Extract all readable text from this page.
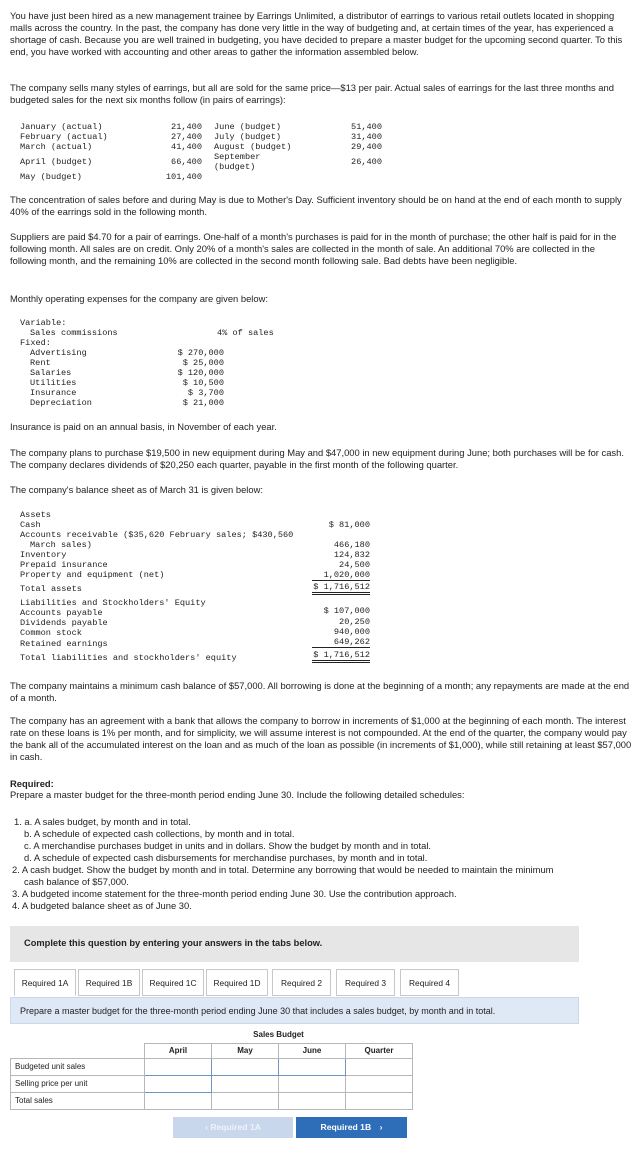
You have just been hired as a new management trainee by Earrings Unlimited, a distributor of earrings to various retail outlets located in shopping malls across the country. In the past, the company has done very little in the way of budgeting and, at certain times of the year, has experienced a shortage of cash. Because you are well trained in budgeting, you have decided to prepare a master budget for the upcoming second quarter. To this end, you have worked with accounting and other areas to gather the information assembled below.

The company sells many styles of earrings, but all are sold for the same price—$13 per pair. Actual sales of earrings for the last three months and budgeted sales for the next six months follow (in pairs of earrings):

January (actual)	21,400
February (actual)	27,400
March (actual)	41,400
April (budget)	66,400
May (budget)	101,400
June (budget)	51,400
July (budget)	31,400
August (budget)	29,400
September
(budget)	26,400

The concentration of sales before and during May is due to Mother's Day. Sufficient inventory should be on hand at the end of each month to supply 40% of the earrings sold in the following month.

Suppliers are paid $4.70 for a pair of earrings. One-half of a month's purchases is paid for in the month of purchase; the other half is paid for in the following month. All sales are on credit. Only 20% of a month's sales are collected in the month of sale. An additional 70% are collected in the following month, and the remaining 10% are collected in the second month following sale. Bad debts have been negligible.

Monthly operating expenses for the company are given below:

Variable:
Sales commissions	4% of sales
Fixed:
Advertising	$ 270,000
Rent	$ 25,000
Salaries	$ 120,000
Utilities	$ 10,500
Insurance	$ 3,700
Depreciation	$ 21,000

Insurance is paid on an annual basis, in November of each year.

The company plans to purchase $19,500 in new equipment during May and $47,000 in new equipment during June; both purchases will be for cash. The company declares dividends of $20,250 each quarter, payable in the first month of the following quarter.

The company's balance sheet as of March 31 is given below:

Assets
Cash	$ 81,000
Accounts receivable ($35,620 February sales; $430,560
March sales)	466,180
Inventory	124,832
Prepaid insurance	24,500
Property and equipment (net)	1,020,000
Total assets	$ 1,716,512
Liabilities and Stockholders' Equity
Accounts payable	$ 107,000
Dividends payable	20,250
Common stock	940,000
Retained earnings	649,262
Total liabilities and stockholders' equity	$ 1,716,512

The company maintains a minimum cash balance of $57,000. All borrowing is done at the beginning of a month; any repayments are made at the end of a month.

The company has an agreement with a bank that allows the company to borrow in increments of $1,000 at the beginning of each month. The interest rate on these loans is 1% per month, and for simplicity, we will assume interest is not compounded. At the end of the quarter, the company would pay the bank all of the accumulated interest on the loan and as much of the loan as possible (in increments of $1,000), while still retaining at least $57,000 in cash.

Required:

Prepare a master budget for the three-month period ending June 30. Include the following detailed schedules:

1. a. A sales budget, by month and in total.
b. A schedule of expected cash collections, by month and in total.
c. A merchandise purchases budget in units and in dollars. Show the budget by month and in total.
d. A schedule of expected cash disbursements for merchandise purchases, by month and in total.
2. A cash budget. Show the budget by month and in total. Determine any borrowing that would be needed to maintain the minimum
cash balance of $57,000.
3. A budgeted income statement for the three-month period ending June 30. Use the contribution approach.
4. A budgeted balance sheet as of June 30.
Complete this question by entering your answers in the tabs below.
Required 1A	Required 1B	Required 1C	Required 1D	Required 2	Required 3	Required 4
Prepare a master budget for the three-month period ending June 30 that includes a sales budget, by month and in total.
	Sales Budget			
	April	May	June	Quarter
Budgeted unit sales				
Selling price per unit				
Total sales				
‹ Required 1A	Required 1B ›
